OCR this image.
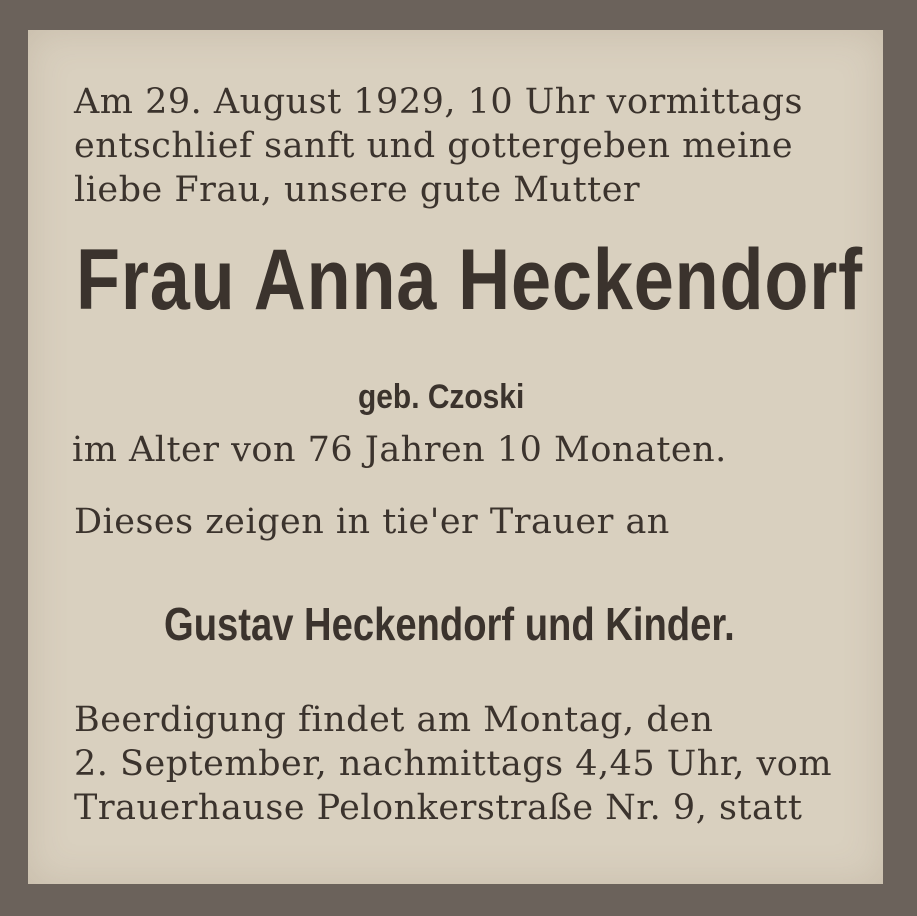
Am 29. August 1929, 10 Uhr vormittags
entschlief sanft und gottergeben meine
liebe Frau, unsere gute Mutter
Frau Anna Heckendorf
geb. Czoski
im Alter von 76 Jahren 10 Monaten.
Dieses zeigen in tie'er Trauer an
Gustav Heckendorf und Kinder.
Beerdigung findet am Montag, den
2. September, nachmittags 4,45 Uhr, vom
Trauerhause Pelonkerstraße Nr. 9, statt
